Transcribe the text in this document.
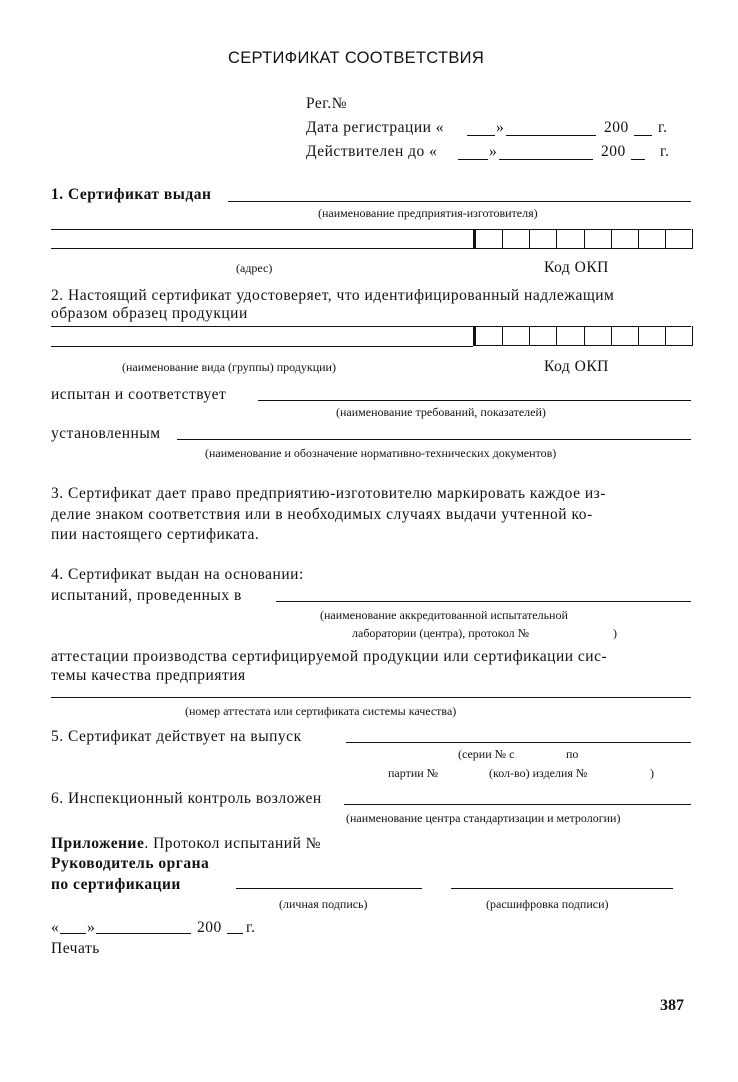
СЕРТИФИКАТ СООТВЕТСТВИЯ
Рег.№
Дата регистрации «	»	200 г.
Действителен до «	»	200 г.
1. Сертификат выдан
(наименование предприятия-изготовителя)
(адрес)	Код ОКП
2. Настоящий сертификат удостоверяет, что идентифицированный надлежащим
образом образец продукции
(наименование вида (группы) продукции)	Код ОКП
испытан и соответствует
(наименование требований, показателей)
установленным
(наименование и обозначение нормативно-технических документов)
3. Сертификат дает право предприятию-изготовителю маркировать каждое из-
делие знаком соответствия или в необходимых случаях выдачи учтенной ко-
пии настоящего сертификата.
4. Сертификат выдан на основании:
испытаний, проведенных в
(наименование аккредитованной испытательной
лаборатории (центра), протокол №	)
аттестации производства сертифицируемой продукции или сертификации сис-
темы качества предприятия
(номер аттестата или сертификата системы качества)
5. Сертификат действует на выпуск
(серии № с	по
партии №	(кол-во) изделия №	)
6. Инспекционный контроль возложен
(наименование центра стандартизации и метрологии)
Приложение. Протокол испытаний №
Руководитель органа
по сертификации
(личная подпись)	(расшифровка подписи)
« »	200 г.
Печать
387
